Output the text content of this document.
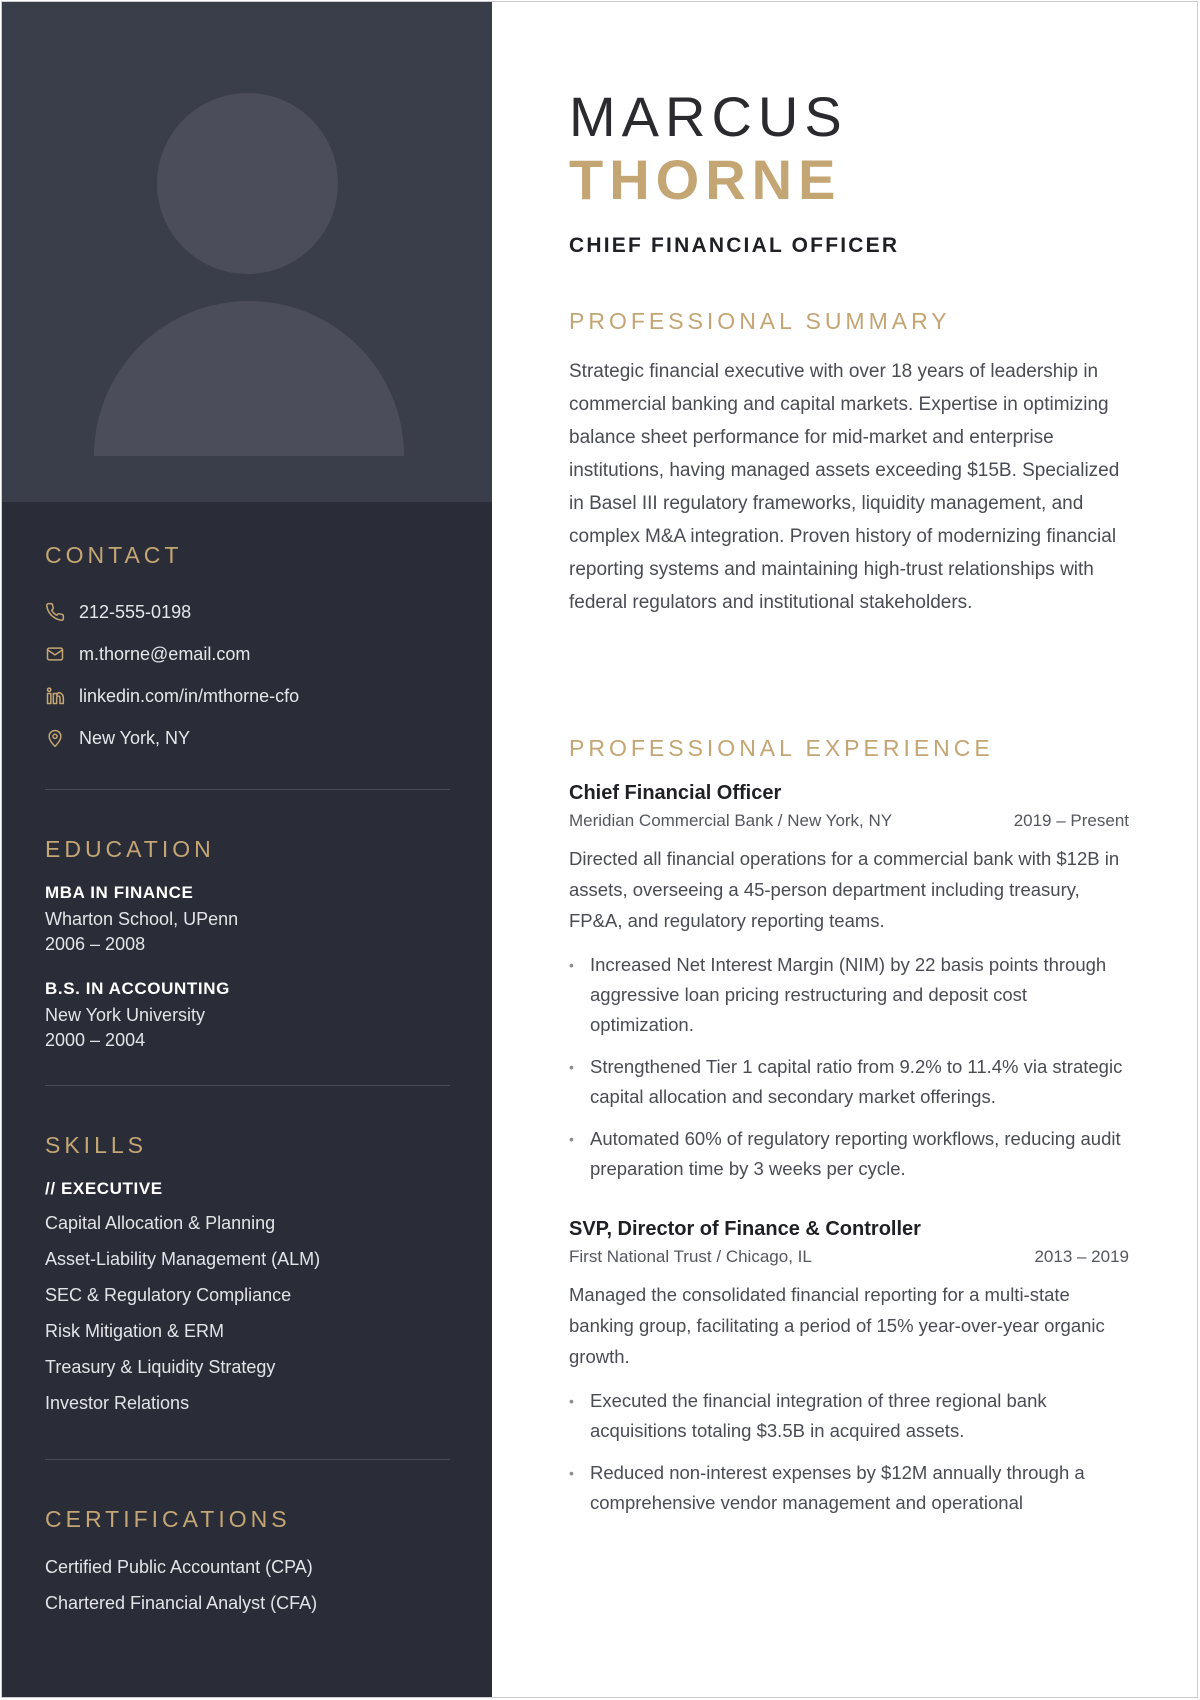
CONTACT
212-555-0198
m.thorne@email.com
linkedin.com/in/mthorne-cfo
New York, NY
EDUCATION
MBA IN FINANCE
Wharton School, UPenn
2006 – 2008
B.S. IN ACCOUNTING
New York University
2000 – 2004
SKILLS
// EXECUTIVE
Capital Allocation & Planning
Asset-Liability Management (ALM)
SEC & Regulatory Compliance
Risk Mitigation & ERM
Treasury & Liquidity Strategy
Investor Relations
CERTIFICATIONS
Certified Public Accountant (CPA)
Chartered Financial Analyst (CFA)
MARCUS
THORNE
CHIEF FINANCIAL OFFICER
PROFESSIONAL SUMMARY
Strategic financial executive with over 18 years of leadership in commercial banking and capital markets. Expertise in optimizing balance sheet performance for mid-market and enterprise institutions, having managed assets exceeding $15B. Specialized in Basel III regulatory frameworks, liquidity management, and complex M&A integration. Proven history of modernizing financial reporting systems and maintaining high-trust relationships with federal regulators and institutional stakeholders.
PROFESSIONAL EXPERIENCE
Chief Financial Officer
Meridian Commercial Bank / New York, NY	2019 – Present
Directed all financial operations for a commercial bank with $12B in assets, overseeing a 45-person department including treasury, FP&A, and regulatory reporting teams.
• Increased Net Interest Margin (NIM) by 22 basis points through aggressive loan pricing restructuring and deposit cost optimization.
• Strengthened Tier 1 capital ratio from 9.2% to 11.4% via strategic capital allocation and secondary market offerings.
• Automated 60% of regulatory reporting workflows, reducing audit preparation time by 3 weeks per cycle.
SVP, Director of Finance & Controller
First National Trust / Chicago, IL	2013 – 2019
Managed the consolidated financial reporting for a multi-state banking group, facilitating a period of 15% year-over-year organic growth.
• Executed the financial integration of three regional bank acquisitions totaling $3.5B in acquired assets.
• Reduced non-interest expenses by $12M annually through a comprehensive vendor management and operational
